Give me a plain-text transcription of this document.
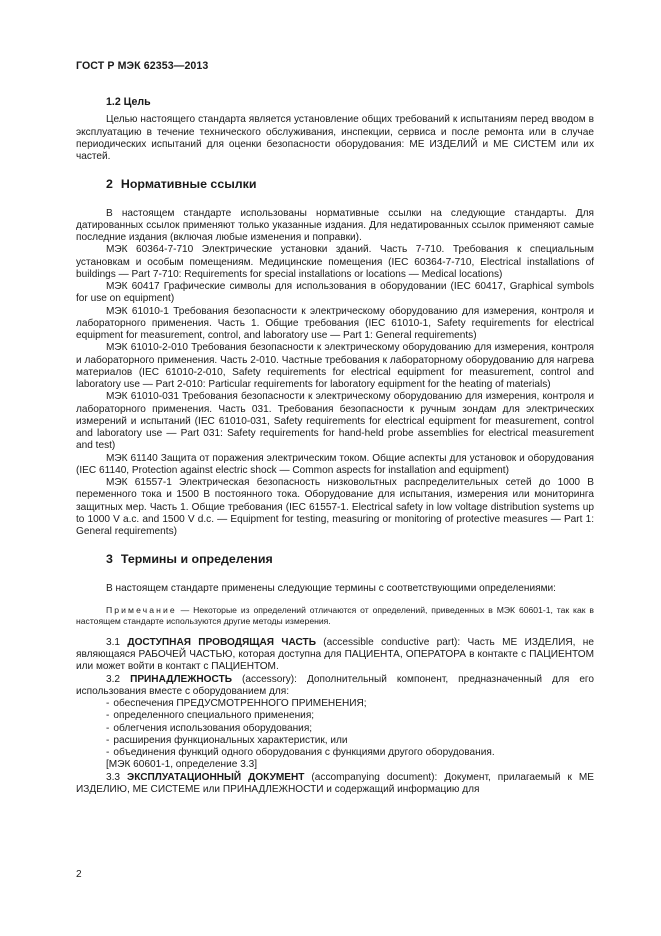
ГОСТ Р МЭК 62353—2013
1.2 Цель

Целью настоящего стандарта является установление общих требований к испытаниям перед вводом в эксплуатацию в течение технического обслуживания, инспекции, сервиса и после ремонта или в случае периодических испытаний для оценки безопасности оборудования: МЕ ИЗДЕЛИЙ и МЕ СИСТЕМ или их частей.

2 Нормативные ссылки

В настоящем стандарте использованы нормативные ссылки на следующие стандарты. Для датированных ссылок применяют только указанные издания. Для недатированных ссылок применяют самые последние издания (включая любые изменения и поправки).

МЭК 60364-7-710 Электрические установки зданий. Часть 7-710. Требования к специальным установкам и особым помещениям. Медицинские помещения (IEC 60364-7-710, Electrical installations of buildings — Part 7-710: Requirements for special installations or locations — Medical locations)

МЭК 60417 Графические символы для использования в оборудовании (IEC 60417, Graphical symbols for use on equipment)

МЭК 61010-1 Требования безопасности к электрическому оборудованию для измерения, контроля и лабораторного применения. Часть 1. Общие требования (IEC 61010-1, Safety requirements for electrical equipment for measurement, control, and laboratory use — Part 1: General requirements)

МЭК 61010-2-010 Требования безопасности к электрическому оборудованию для измерения, контроля и лабораторного применения. Часть 2-010. Частные требования к лабораторному оборудованию для нагрева материалов (IEC 61010-2-010, Safety requirements for electrical equipment for measurement, control and laboratory use — Part 2-010: Particular requirements for laboratory equipment for the heating of materials)

МЭК 61010-031 Требования безопасности к электрическому оборудованию для измерения, контроля и лабораторного применения. Часть 031. Требования безопасности к ручным зондам для электрических измерений и испытаний (IEC 61010-031, Safety requirements for electrical equipment for measurement, control and laboratory use — Part 031: Safety requirements for hand-held probe assemblies for electrical measurement and test)

МЭК 61140 Защита от поражения электрическим током. Общие аспекты для установок и оборудования (IEC 61140, Protection against electric shock — Common aspects for installation and equipment)

МЭК 61557-1 Электрическая безопасность низковольтных распределительных сетей до 1000 В переменного тока и 1500 В постоянного тока. Оборудование для испытания, измерения или мониторинга защитных мер. Часть 1. Общие требования (IEC 61557-1. Electrical safety in low voltage distribution systems up to 1000 V a.c. and 1500 V d.c. — Equipment for testing, measuring or monitoring of protective measures — Part 1: General requirements)

3 Термины и определения

В настоящем стандарте применены следующие термины с соответствующими определениями:

Примечание — Некоторые из определений отличаются от определений, приведенных в МЭК 60601-1, так как в настоящем стандарте используются другие методы измерения.

3.1 ДОСТУПНАЯ ПРОВОДЯЩАЯ ЧАСТЬ (accessible conductive part): Часть МЕ ИЗДЕЛИЯ, не являющаяся РАБОЧЕЙ ЧАСТЬЮ, которая доступна для ПАЦИЕНТА, ОПЕРАТОРА в контакте с ПАЦИЕНТОМ или может войти в контакт с ПАЦИЕНТОМ.

3.2 ПРИНАДЛЕЖНОСТЬ (accessory): Дополнительный компонент, предназначенный для его использования вместе с оборудованием для:

- обеспечения ПРЕДУСМОТРЕННОГО ПРИМЕНЕНИЯ;

- определенного специального применения;

- облегчения использования оборудования;

- расширения функциональных характеристик, или

- объединения функций одного оборудования с функциями другого оборудования.

[МЭК 60601-1, определение 3.3]

3.3 ЭКСПЛУАТАЦИОННЫЙ ДОКУМЕНТ (accompanying document): Документ, прилагаемый к МЕ ИЗДЕЛИЮ, МЕ СИСТЕМЕ или ПРИНАДЛЕЖНОСТИ и содержащий информацию для

2
